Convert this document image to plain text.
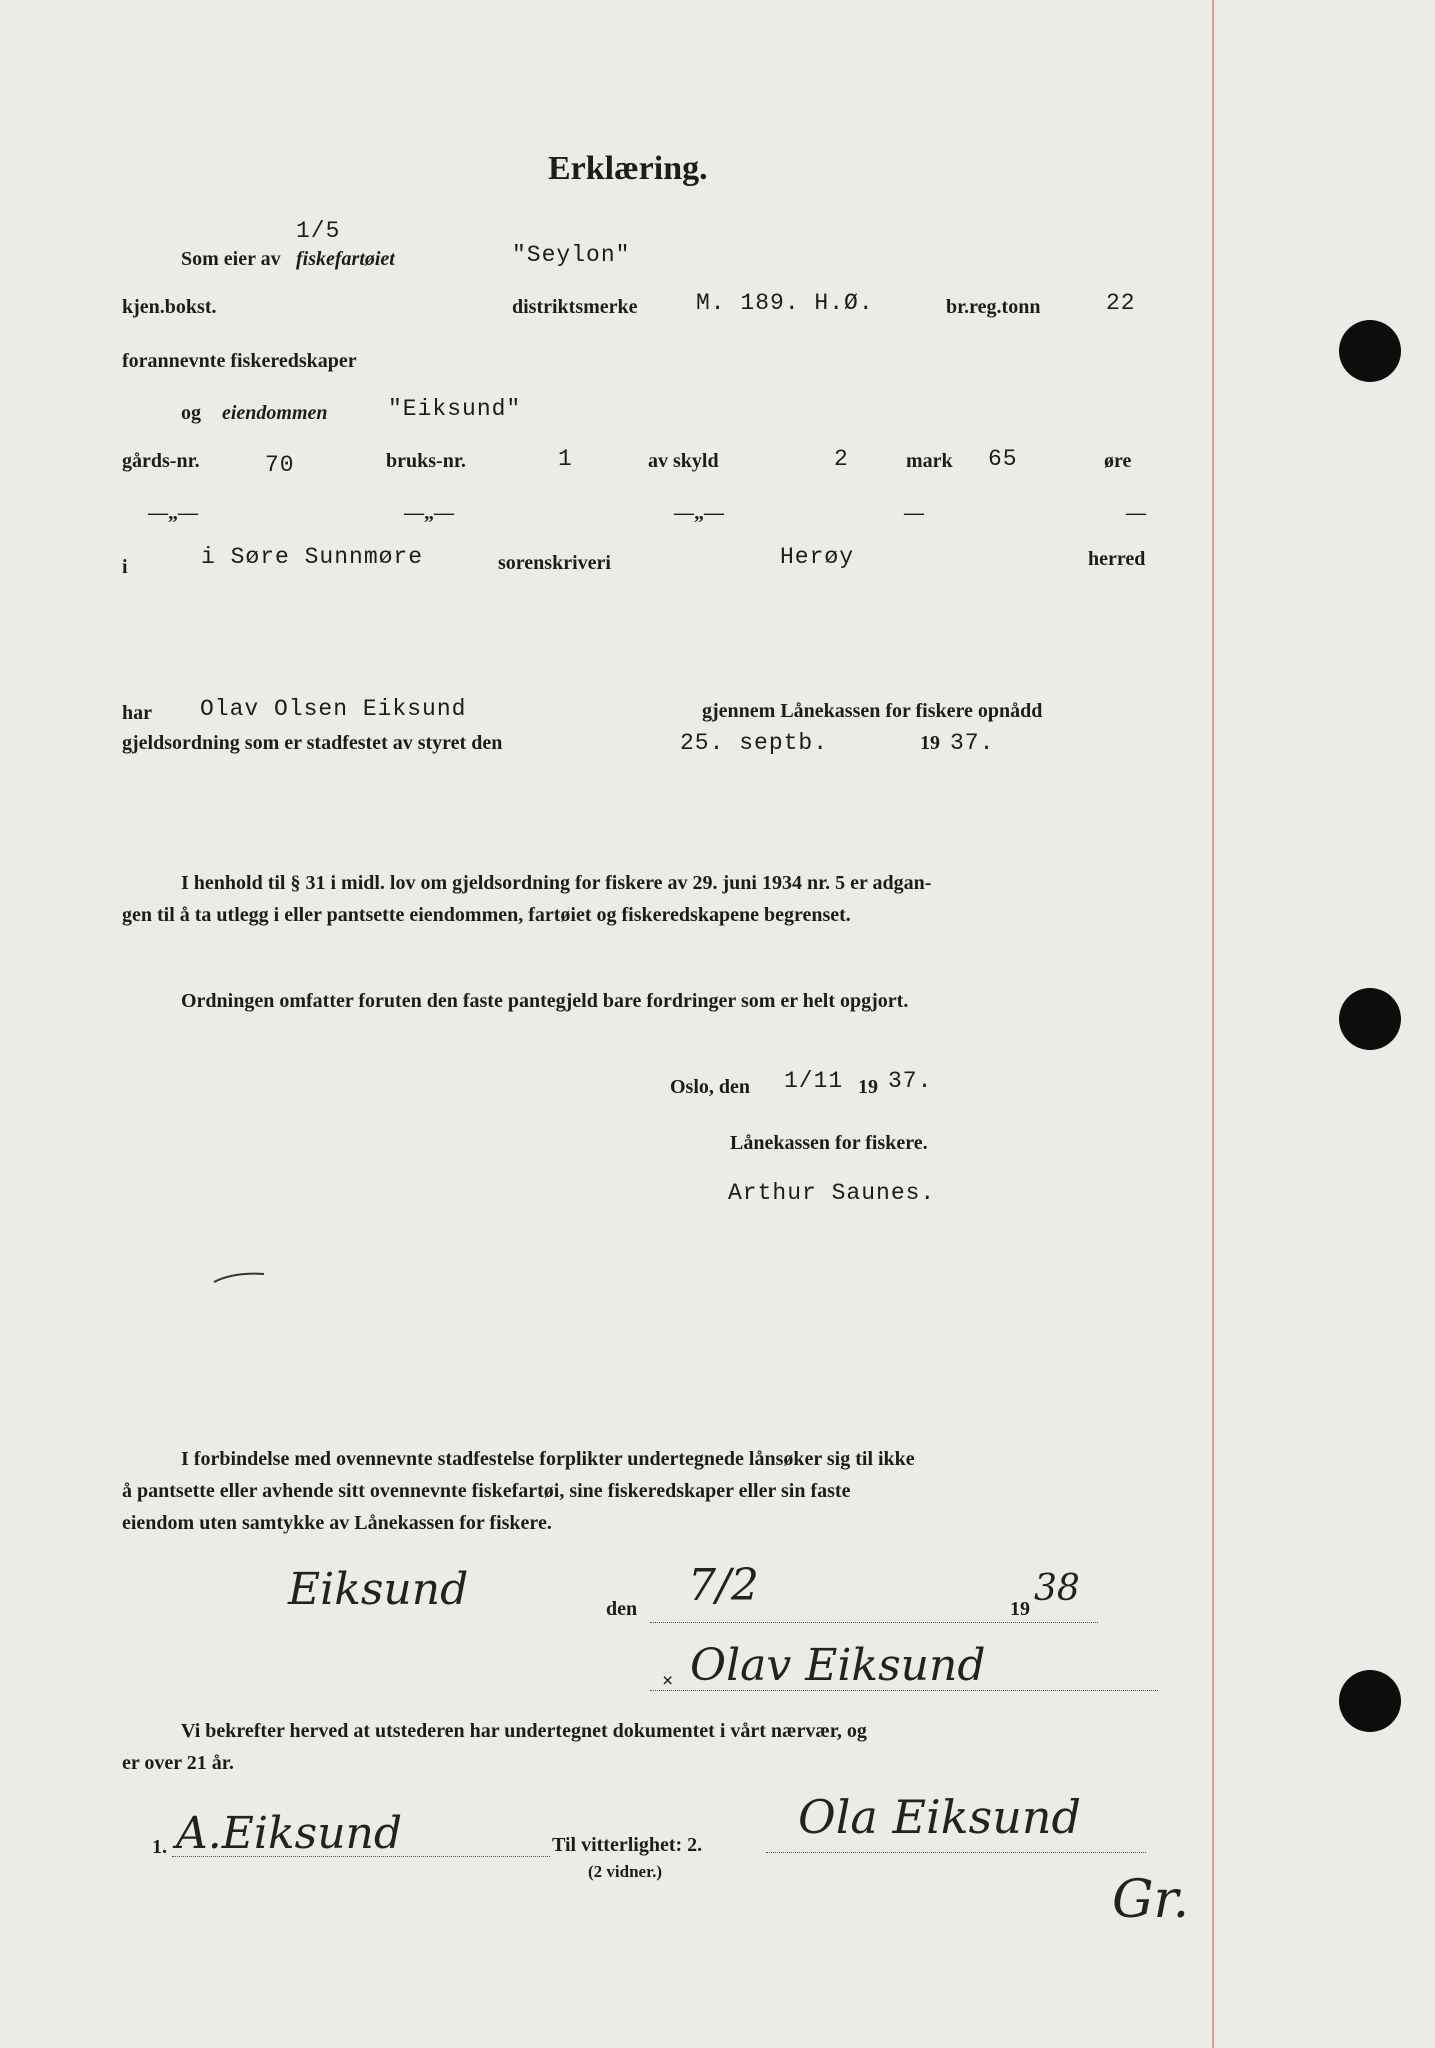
Erklæring.
1/5
Som eier av fiskefartøiet	"Seylon"
kjen.bokst.	distriktsmerke	M. 189. H.Ø.	br.reg.tonn	22
forannevnte fiskeredskaper
og eiendommen	"Eiksund"
gårds-nr.	70	bruks-nr.	1	av skyld	2	mark 65	øre
—„—	—„—	—„—	—	—
i	i Søre Sunnmøre	sorenskriveri	Herøy	herred
har Olav Olsen Eiksund	gjennem Lånekassen for fiskere opnådd
gjeldsordning som er stadfestet av styret den	25. septb.	19 37.
I henhold til § 31 i midl. lov om gjeldsordning for fiskere av 29. juni 1934 nr. 5 er adgan-
gen til å ta utlegg i eller pantsette eiendommen, fartøiet og fiskeredskapene begrenset.
Ordningen omfatter foruten den faste pantegjeld bare fordringer som er helt opgjort.
Oslo, den 1/11 19 37.
Lånekassen for fiskere.
Arthur Saunes.
I forbindelse med ovennevnte stadfestelse forplikter undertegnede lånsøker sig til ikke
å pantsette eller avhende sitt ovennevnte fiskefartøi, sine fiskeredskaper eller sin faste
eiendom uten samtykke av Lånekassen for fiskere.
Eiksund	den 7/2	19 38
× Olav Eiksund
Vi bekrefter herved at utstederen har undertegnet dokumentet i vårt nærvær, og
er over 21 år.
1. A.Eiksund	Til vitterlighet: 2.
(2 vidner.)
Ola Eiksund
Gr.
